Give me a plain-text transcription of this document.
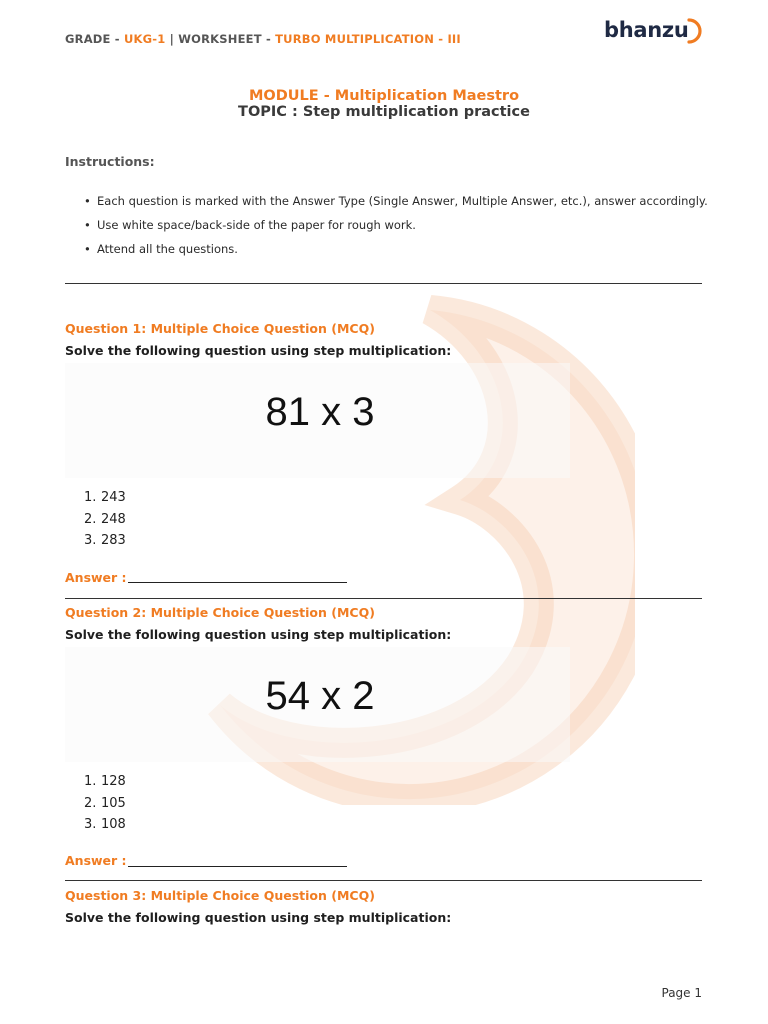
GRADE - UKG-1 | WORKSHEET - TURBO MULTIPLICATION - III	bhanzu
MODULE - Multiplication Maestro
TOPIC : Step multiplication practice
Instructions:
• Each question is marked with the Answer Type (Single Answer, Multiple Answer, etc.), answer accordingly.
• Use white space/back-side of the paper for rough work.
• Attend all the questions.
Question 1: Multiple Choice Question (MCQ)
Solve the following question using step multiplication:
81 x 3
1. 243
2. 248
3. 283
Answer :
Question 2: Multiple Choice Question (MCQ)
Solve the following question using step multiplication:
54 x 2
1. 128
2. 105
3. 108
Answer :
Question 3: Multiple Choice Question (MCQ)
Solve the following question using step multiplication:
Page 1
